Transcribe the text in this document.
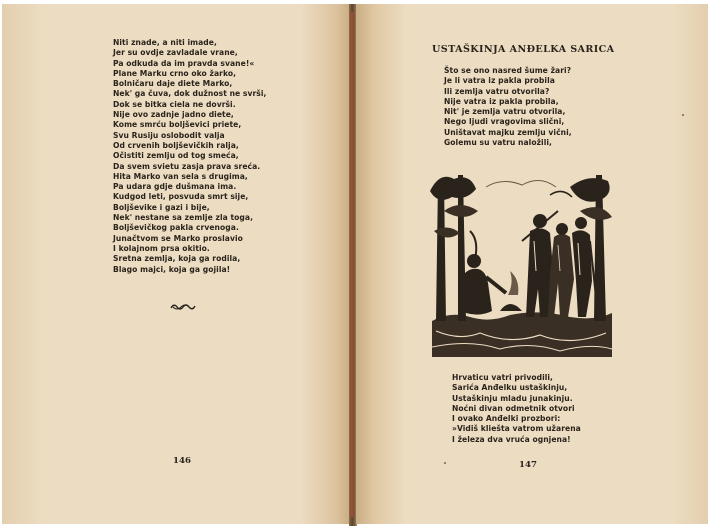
Niti znade, a niti imade,
Jer su ovdje zavladale vrane,
Pa odkuda da im pravda svane!«
Plane Marku crno oko žarko,
Bolničaru daje diete Marko,
Nek' ga čuva, dok dužnost ne svrši,
Dok se bitka ciela ne dovrši.
Nije ovo zadnje jadno diete,
Kome smrću boljševici priete,
Svu Rusiju oslobodit valja
Od crvenih boljševičkih ralja,
Očistiti zemlju od tog smeća,
Da svem svietu zasja prava sreća.
Hita Marko van sela s drugima,
Pa udara gdje dušmana ima.
Kudgod leti, posvuda smrt sije,
Boljševike i gazi i bije,
Nek' nestane sa zemlje zla toga,
Boljševičkog pakla crvenoga.
Junačtvom se Marko proslavio
I kolajnom prsa okitio.
Sretna zemlja, koja ga rodila,
Blago majci, koja ga gojila!
146
USTAŠKINJA ANĐELKA SARICA
Što se ono nasred šume žari?
Je li vatra iz pakla probila
Ili zemlja vatru otvorila?
Nije vatra iz pakla probila,
Nit' je zemlja vatru otvorila,
Nego ljudi vragovima slični,
Uništavat majku zemlju vični,
Golemu su vatru naložili,
Hrvaticu vatri privodili,
Sarića Anđelku ustaškinju,
Ustaškinju mladu junakinju.
Noćni divan odmetnik otvori
I ovako Anđelki prozbori:
»Vidiš kliešta vatrom užarena
I železa dva vruća ognjena!
147
